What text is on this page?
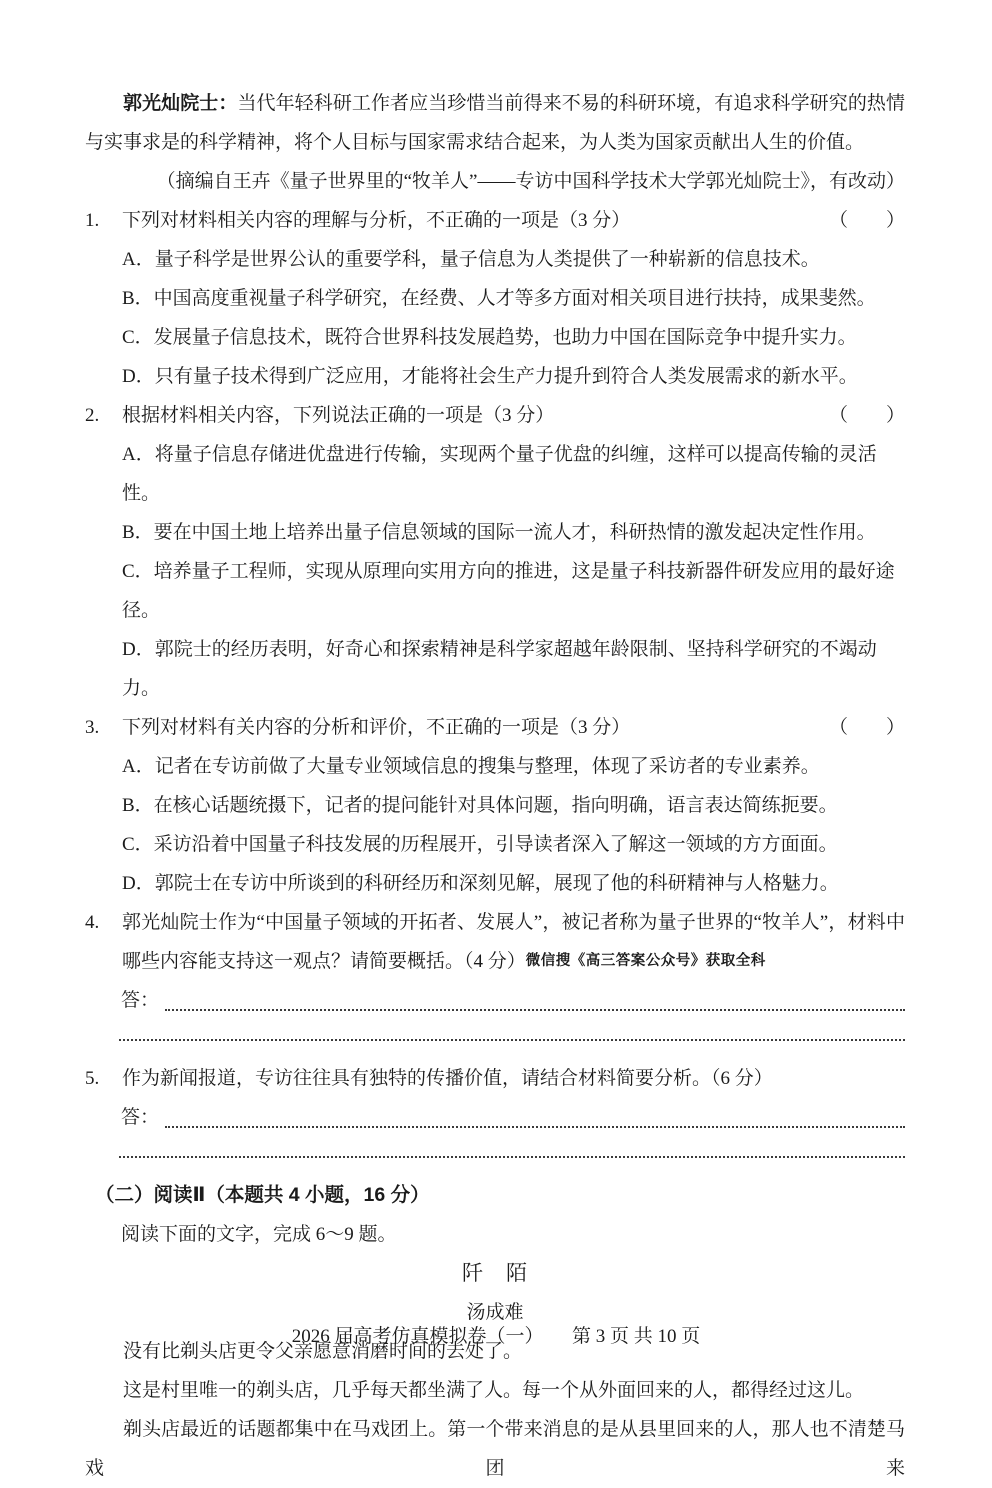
郭光灿院士：当代年轻科研工作者应当珍惜当前得来不易的科研环境，有追求科学研究的热情与实事求是的科学精神，将个人目标与国家需求结合起来，为人类为国家贡献出人生的价值。

（摘编自王卉《量子世界里的“牧羊人”——专访中国科学技术大学郭光灿院士》，有改动）

1.	下列对材料相关内容的理解与分析，不正确的一项是（3 分）	（　　）
A．量子科学是世界公认的重要学科，量子信息为人类提供了一种崭新的信息技术。
B．中国高度重视量子科学研究，在经费、人才等多方面对相关项目进行扶持，成果斐然。
C．发展量子信息技术，既符合世界科技发展趋势，也助力中国在国际竞争中提升实力。
D．只有量子技术得到广泛应用，才能将社会生产力提升到符合人类发展需求的新水平。
2.	根据材料相关内容，下列说法正确的一项是（3 分）	（　　）
A．将量子信息存储进优盘进行传输，实现两个量子优盘的纠缠，这样可以提高传输的灵活性。
B．要在中国土地上培养出量子信息领域的国际一流人才，科研热情的激发起决定性作用。
C．培养量子工程师，实现从原理向实用方向的推进，这是量子科技新器件研发应用的最好途径。
D．郭院士的经历表明，好奇心和探索精神是科学家超越年龄限制、坚持科学研究的不竭动力。
3.	下列对材料有关内容的分析和评价，不正确的一项是（3 分）	（　　）
A．记者在专访前做了大量专业领域信息的搜集与整理，体现了采访者的专业素养。
B．在核心话题统摄下，记者的提问能针对具体问题，指向明确，语言表达简练扼要。
C．采访沿着中国量子科技发展的历程展开，引导读者深入了解这一领域的方方面面。
D．郭院士在专访中所谈到的科研经历和深刻见解，展现了他的科研精神与人格魅力。
4.	郭光灿院士作为“中国量子领域的开拓者、发展人”，被记者称为量子世界的“牧羊人”，材料中哪些内容能支持这一观点？请简要概括。（4 分）微信搜《高三答案公众号》获取全科
答：
5.	作为新闻报道，专访往往具有独特的传播价值，请结合材料简要分析。（6 分）
答：
（二）阅读Ⅱ（本题共 4 小题，16 分）
阅读下面的文字，完成 6～9 题。
阡　陌
汤成难

没有比剃头店更令父亲愿意消磨时间的去处了。

这是村里唯一的剃头店，几乎每天都坐满了人。每一个从外面回来的人，都得经过这儿。

剃头店最近的话题都集中在马戏团上。第一个带来消息的是从县里回来的人，那人也不清楚马戏团来

2026 届高考仿真模拟卷（一）　　第 3 页 共 10 页
